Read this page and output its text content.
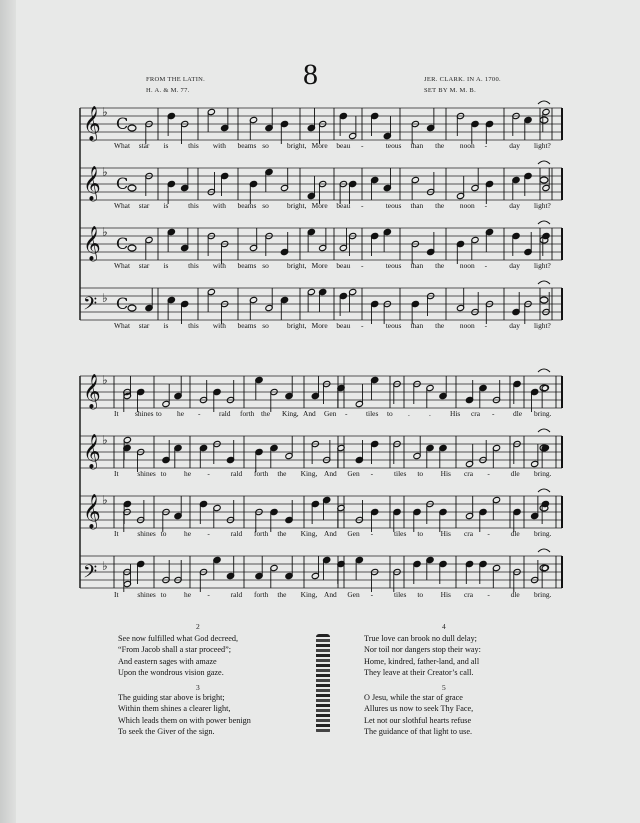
FROM THE LATIN.
H. A. & M. 77.	8	JER. CLARK. IN A. 1700.
SET BY M. M. B.
𝄞 ♭
C
𝄞 ♭
C
𝄞 ♭
C
𝄢 ♭ C
𝄞 ♭
𝄞 ♭
𝄞 ♭
𝄢 ♭
What star is	this with beams so bright, More beau -	teous than the noon -	day light?
What star is	this with beams so bright, More beau -	teous than the noon -	day light?
What star is	this with beams so bright, More beau -	teous than the noon -	day light?
What star is	this with beams so bright, More beau -	teous than the noon -	day light?
It shines to he -	rald forth the King, And Gen -	tiles to .	.	His cra -	dle bring.
It	shines to he -	rald forth the King, And Gen -	tiles to His cra -	dle bring.
It	shines to he -	rald forth the King, And Gen -	tiles to His cra -	dle bring.
It	shines to he -	rald forth the King, And Gen -	tiles to His cra -	dle bring.
2
See now fulfilled what God decreed,
“From Jacob shall a star proceed”;
And eastern sages with amaze
Upon the wondrous vision gaze.
3
The guiding star above is bright;
Within them shines a clearer light,
Which leads them on with power benign
To seek the Giver of the sign.
4
True love can brook no dull delay;
Nor toil nor dangers stop their way:
Home, kindred, father-land, and all
They leave at their Creator’s call.
5
O Jesu, while the star of grace
Allures us now to seek Thy Face,
Let not our slothful hearts refuse
The guidance of that light to use.
